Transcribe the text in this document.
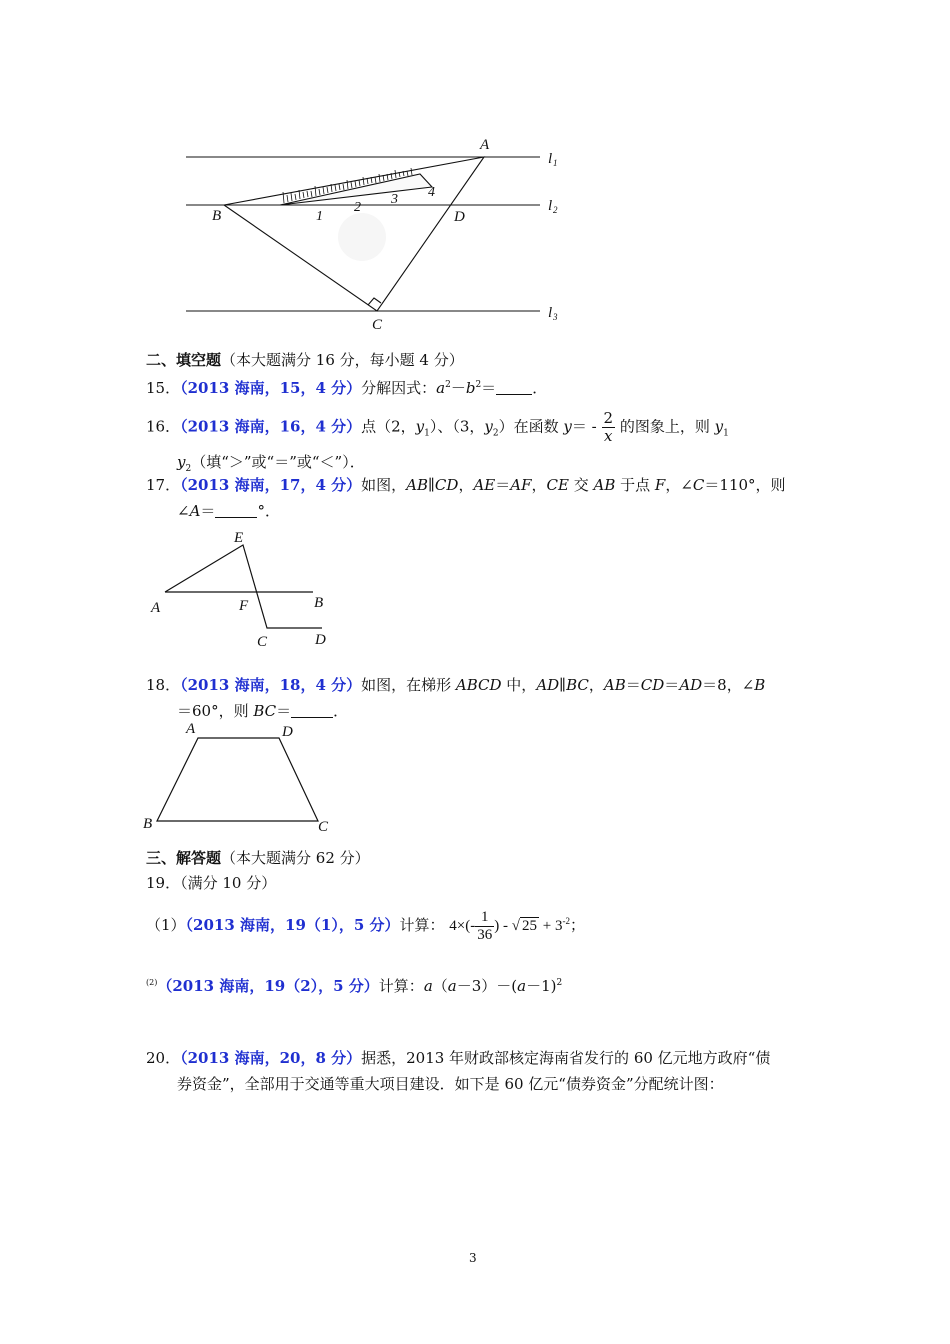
A
B
C
D
l 1
l 2
l 3
1
2
3 4
二、填空题（本大题满分 16 分，每小题 4 分）
15．（2013 海南，15，4 分）分解因式：$a^2-b^2=$ ．
16．（2013 海南，16，4 分）点（2，$y_1$）、（3，$y_2$）在函数 $y= - \frac{2}{x}$ 的图象上，则 $y_1$
$y_2$（填“＞”或“＝”或“＜”）．
17．（2013 海南，17，4 分）如图，AB∥CD，AE＝AF，CE 交 AB 于点 F，∠C＝110°，则
∠A＝	°．
A	B
C	D
E
F
18．（2013 海南，18，4 分）如图，在梯形 ABCD 中，AD∥BC，AB＝CD＝AD＝8，∠B
＝60°，则 BC＝	．
A	D
B	C
三、解答题（本大题满分 62 分）
19．（满分 10 分）
（1）（2013 海南，19（1），5 分）计算： $4\times(- \frac{1}{36}$ ) - √ $25 + 3^{-2}$；
$^{(2)}$（2013 海南，19（2），5 分）计算：$a(a-3)-(a-1)^2$
20．（2013 海南，20，8 分）据悉，2013 年财政部核定海南省发行的 60 亿元地方政府“债
券资金”，全部用于交通等重大项目建设．如下是 60 亿元“债券资金”分配统计图：
3
